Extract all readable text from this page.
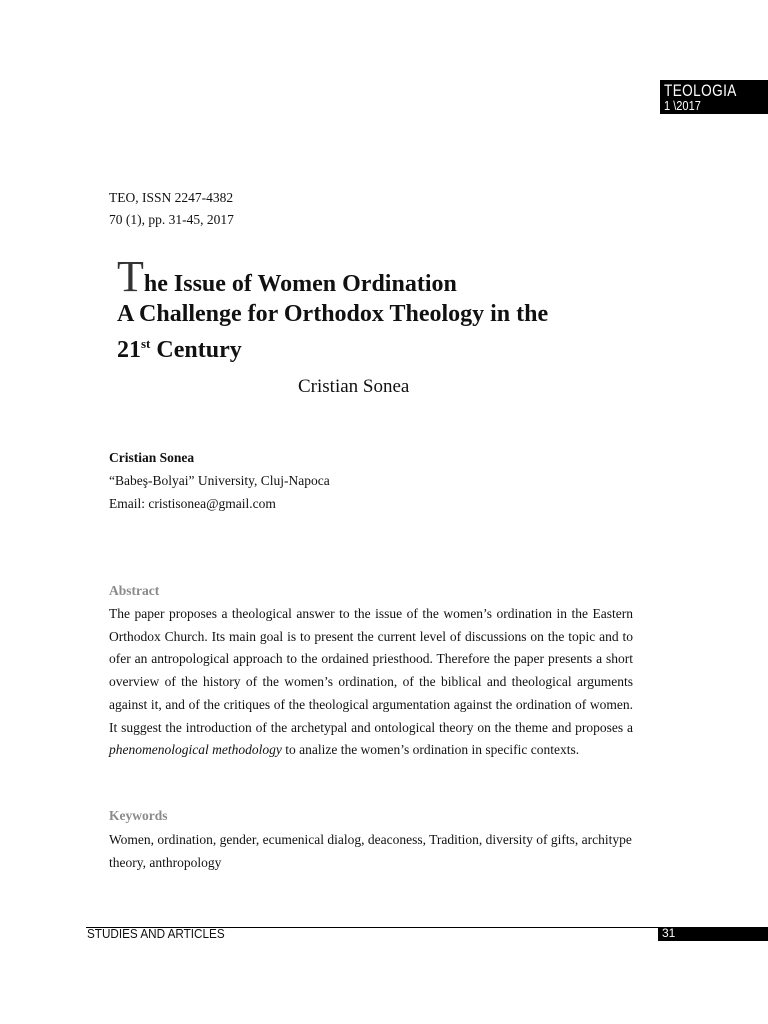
TEOLOGIA
1 \2017
TEO, ISSN 2247-4382
70 (1), pp. 31-45, 2017
The Issue of Women Ordination
A Challenge for Orthodox Theology in the
21st Century
Cristian Sonea
Cristian Sonea
“Babeş-Bolyai” University, Cluj-Napoca
Email: cristisonea@gmail.com
Abstract
The paper proposes a theological answer to the issue of the women’s ordination in the Eastern Orthodox Church. Its main goal is to present the current level of discussions on the topic and to ofer an antropological approach to the ordained priesthood. Therefore the paper presents a short overview of the history of the women’s ordination, of the biblical and theological arguments against it, and of the critiques of the theological argumentation against the ordination of women. It suggest the introduction of the archetypal and ontological theory on the theme and proposes a phenomenological methodology to analize the women’s ordination in specific contexts.
Keywords
Women, ordination, gender, ecumenical dialog, deaconess, Tradition, diversity of gifts, architype theory, anthropology
STUDIES AND ARTICLES	31
